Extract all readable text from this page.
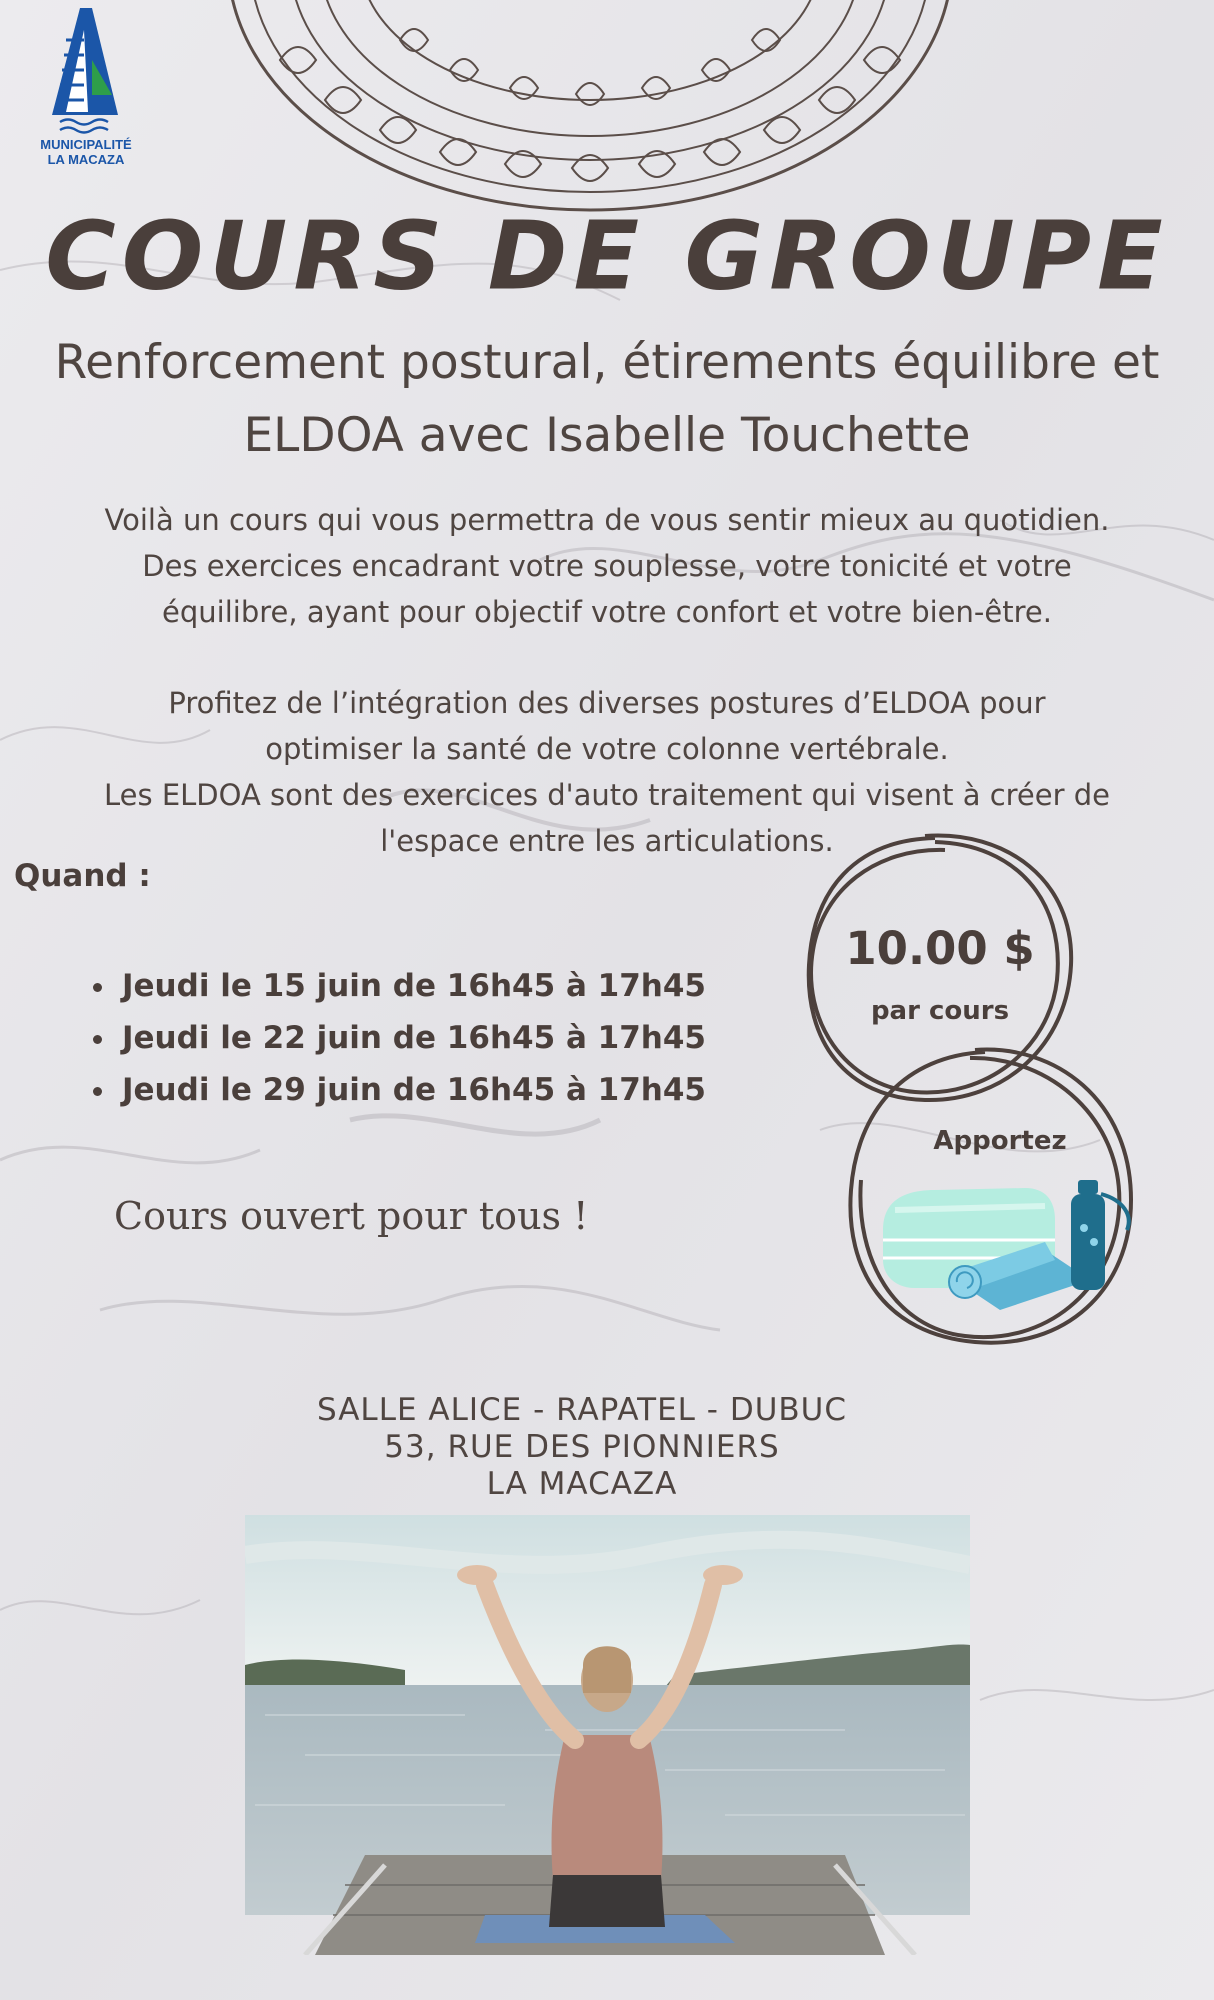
MUNICIPALITÉ
LA MACAZA
COURS DE GROUPE
Renforcement postural, étirements équilibre et
ELDOA avec Isabelle Touchette
Voilà un cours qui vous permettra de vous sentir mieux au quotidien.
Des exercices encadrant votre souplesse, votre tonicité et votre
équilibre, ayant pour objectif votre confort et votre bien-être.
Profitez de l’intégration des diverses postures d’ELDOA pour
optimiser la santé de votre colonne vertébrale.
Les ELDOA sont des exercices d'auto traitement qui visent à créer de
l'espace entre les articulations.
Quand :
• Jeudi le 15 juin de 16h45 à 17h45
• Jeudi le 22 juin de 16h45 à 17h45
• Jeudi le 29 juin de 16h45 à 17h45
Cours ouvert pour tous !
10.00 $
par cours
Apportez
SALLE ALICE - RAPATEL - DUBUC
53, RUE DES PIONNIERS
LA MACAZA
